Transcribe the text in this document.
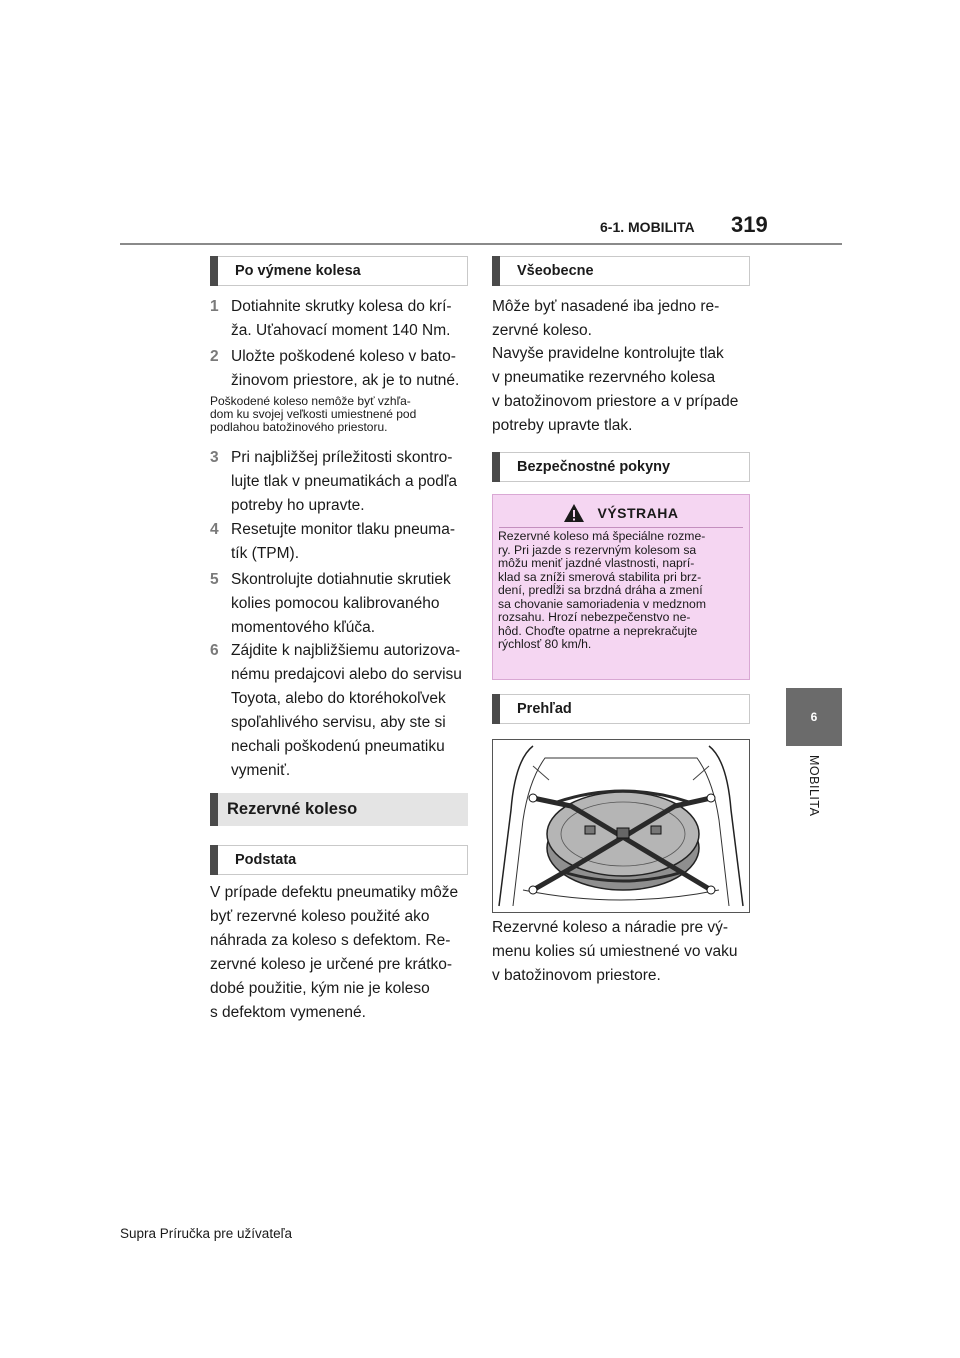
6-1. MOBILITA 319
6
MOBILITA
Po výmene kolesa
1 Dotiahnite skrutky kolesa do krí-
ža. Uťahovací moment 140 Nm.
2 Uložte poškodené koleso v bato-
žinovom priestore, ak je to nutné.
Poškodené koleso nemôže byť vzhľa-
dom ku svojej veľkosti umiestnené pod
podlahou batožinového priestoru.
3 Pri najbližšej príležitosti skontro-
lujte tlak v pneumatikách a podľa
potreby ho upravte.
4 Resetujte monitor tlaku pneuma-
tík (TPM).
5 Skontrolujte dotiahnutie skrutiek
kolies pomocou kalibrovaného
momentového kľúča.
6 Zájdite k najbližšiemu autorizova-
nému predajcovi alebo do servisu
Toyota, alebo do ktoréhokoľvek
spoľahlivého servisu, aby ste si
nechali poškodenú pneumatiku
vymeniť.
Rezervné koleso
Podstata
V prípade defektu pneumatiky môže
byť rezervné koleso použité ako
náhrada za koleso s defektom. Re-
zervné koleso je určené pre krátko-
dobé použitie, kým nie je koleso
s defektom vymenené.
Všeobecne
Môže byť nasadené iba jedno re-
zervné koleso.
Navyše pravidelne kontrolujte tlak
v pneumatike rezervného kolesa
v batožinovom priestore a v prípade
potreby upravte tlak.
Bezpečnostné pokyny
VÝSTRAHA
Rezervné koleso má špeciálne rozme-
ry. Pri jazde s rezervným kolesom sa
môžu meniť jazdné vlastnosti, naprí-
klad sa zníži smerová stabilita pri brz-
dení, predĺži sa brzdná dráha a zmení
sa chovanie samoriadenia v medznom
rozsahu. Hrozí nebezpečenstvo ne-
hôd. Choďte opatrne a neprekračujte
rýchlosť 80 km/h.
Prehľad
Rezervné koleso a náradie pre vý-
menu kolies sú umiestnené vo vaku
v batožinovom priestore.
Supra Príručka pre užívateľa
